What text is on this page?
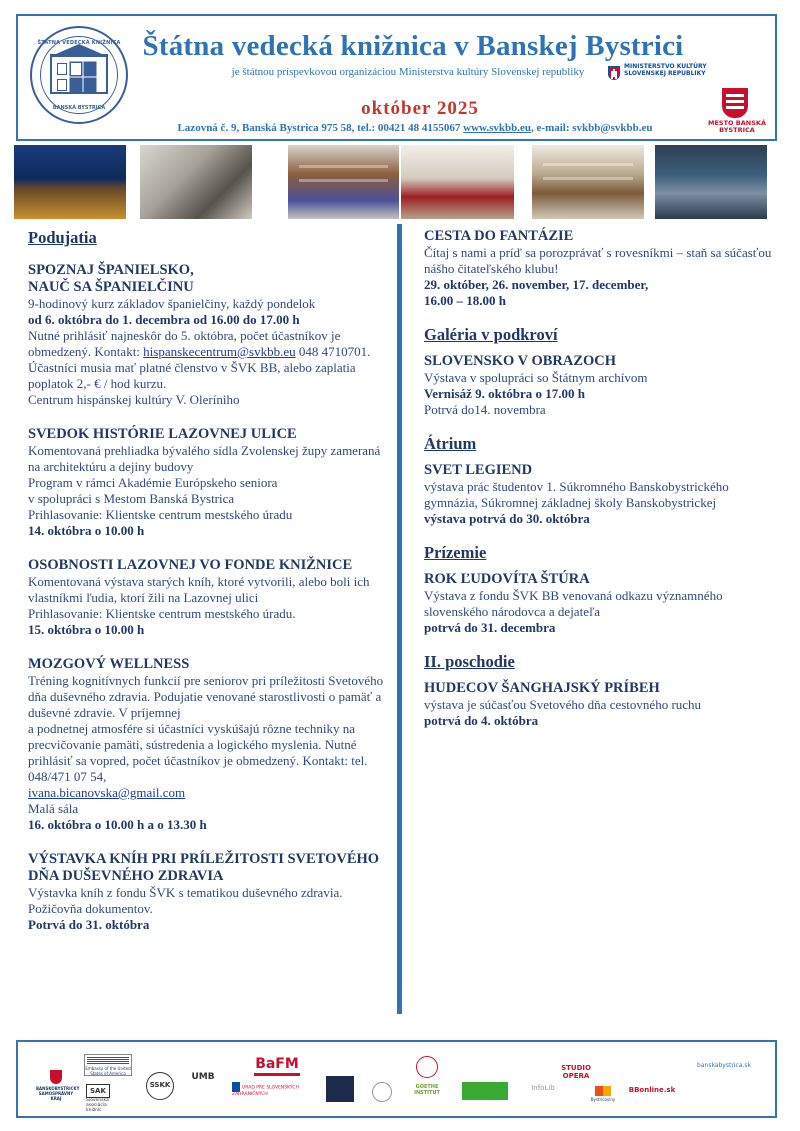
ŠTÁTNA VEDECKÁ KNIŽNICA
BANSKÁ BYSTRICA
Štátna vedecká knižnica v Banskej Bystrici
je štátnou príspevkovou organizáciou Ministerstva kultúry Slovenskej republiky	MINISTERSTVO KULTÚRY SLOVENSKEJ REPUBLIKY
október 2025
Lazovná č. 9, Banská Bystrica 975 58, tel.: 00421 48 4155067 www.svkbb.eu, e-mail: svkbb@svkbb.eu	MESTO BANSKÁ BYSTRICA
Podujatia
SPOZNAJ ŠPANIELSKO,
NAUČ SA ŠPANIELČINU
9-hodinový kurz základov španielčiny, každý pondelok
od 6. októbra do 1. decembra od 16.00 do 17.00 h
Nutné prihlásiť najneskôr do 5. októbra, počet účastníkov je obmedzený. Kontakt: hispanskecentrum@svkbb.eu 048 4710701. Účastníci musia mať platné členstvo v ŠVK BB, alebo zaplatia poplatok 2,- € / hod kurzu.
Centrum hispánskej kultúry V. Oleríniho
SVEDOK HISTÓRIE LAZOVNEJ ULICE
Komentovaná prehliadka bývalého sídla Zvolenskej župy zameraná na architektúru a dejiny budovy
Program v rámci Akadémie Európskeho seniora
v spolupráci s Mestom Banská Bystrica
Prihlasovanie: Klientske centrum mestského úradu
14. októbra o 10.00 h
OSOBNOSTI LAZOVNEJ VO FONDE KNIŽNICE
Komentovaná výstava starých kníh, ktoré vytvorili, alebo boli ich vlastníkmi ľudia, ktorí žili na Lazovnej ulici
Prihlasovanie: Klientske centrum mestského úradu.
15. októbra o 10.00 h
MOZGOVÝ WELLNESS
Tréning kognitívnych funkcií pre seniorov pri príležitosti Svetového dňa duševného zdravia. Podujatie venované starostlivosti o pamäť a duševné zdravie. V príjemnej
a podnetnej atmosfére si účastníci vyskúšajú rôzne techniky na precvičovanie pamäti, sústredenia a logického myslenia. Nutné prihlásiť sa vopred, počet účastníkov je obmedzený. Kontakt: tel. 048/471 07 54,
ivana.bicanovska@gmail.com
Malá sála
16. októbra o 10.00 h a o 13.30 h
VÝSTAVKA KNÍH PRI PRÍLEŽITOSTI SVETOVÉHO DŇA DUŠEVNÉHO ZDRAVIA
Výstavka kníh z fondu ŠVK s tematikou duševného zdravia. Požičovňa dokumentov.
Potrvá do 31. októbra
CESTA DO FANTÁZIE
Čítaj s nami a príď sa porozprávať s rovesníkmi – staň sa súčasťou nášho čitateľského klubu!
29. október, 26. november, 17. december,
16.00 – 18.00 h
Galéria v podkroví
SLOVENSKO V OBRAZOCH
Výstava v spolupráci so Štátnym archívom
Vernisáž 9. októbra o 17.00 h
Potrvá do14. novembra
Átrium
SVET LEGIEND
výstava prác študentov 1. Súkromného Banskobystrického gymnázia, Súkromnej základnej školy Banskobystrickej
výstava potrvá do 30. októbra
Prízemie
ROK ĽUDOVÍTA ŠTÚRA
Výstava z fondu ŠVK BB venovaná odkazu významného slovenského národovca a dejateľa
potrvá do 31. decembra
II. poschodie
HUDECOV ŠANGHAJSKÝ PRÍBEH
výstava je súčasťou Svetového dňa cestovného ruchu
potrvá do 4. októbra
BANSKOBYSTRICKÝ SAMOSPRÁVNY KRAJ
Embassy of the United States of America
SAK Slovenská asociácia knižníc
SSKK
UMB
BaFM
ÚRAD PRE SLOVENSKÝCH ZAHRANIČNÝCH
GOETHE INSTITUT
InfoLib
Bystricoviny
STUDIO OPERA
BBonline.sk
banskabystrica.sk
